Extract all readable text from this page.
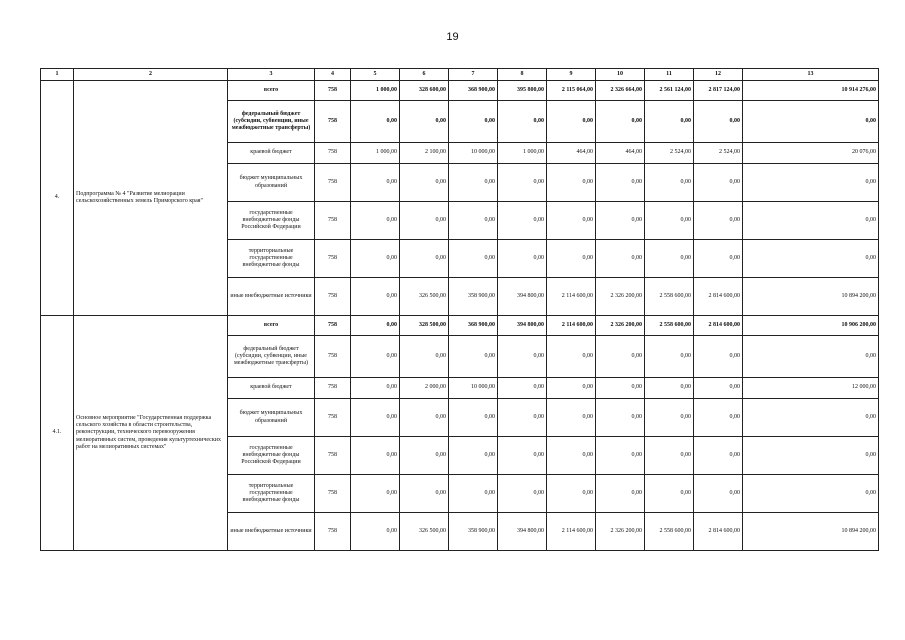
19
1	2	3	4	5	6	7	8	9	10	11	12	13
4.	Подпрограмма № 4 "Развитие мелиорации сельскохозяйственных земель Приморского края"	всего	758	1 000,00	328 600,00	368 900,00	395 800,00	2 115 064,00	2 326 664,00	2 561 124,00	2 817 124,00	10 914 276,00
		федеральный бюджет (субсидии, субвенции, иные межбюджетные трансферты)	758	0,00	0,00	0,00	0,00	0,00	0,00	0,00	0,00	0,00
		краевой бюджет	758	1 000,00	2 100,00	10 000,00	1 000,00	464,00	464,00	2 524,00	2 524,00	20 076,00
		бюджет муниципальных образований	758	0,00	0,00	0,00	0,00	0,00	0,00	0,00	0,00	0,00
		государственные внебюджетные фонды Российской Федерации	758	0,00	0,00	0,00	0,00	0,00	0,00	0,00	0,00	0,00
		территориальные государственные внебюджетные фонды	758	0,00	0,00	0,00	0,00	0,00	0,00	0,00	0,00	0,00
		иные внебюджетные источники	758	0,00	326 500,00	358 900,00	394 800,00	2 114 600,00	2 326 200,00	2 558 600,00	2 814 600,00	10 894 200,00
4.1.	Основное мероприятие "Государственная поддержка сельского хозяйства в области строительства, реконструкции, технического перевооружения мелиоративных систем, проведения культуртехнических работ на мелиоративных системах"	всего	758	0,00	328 500,00	368 900,00	394 800,00	2 114 600,00	2 326 200,00	2 558 600,00	2 814 600,00	10 906 200,00
		федеральный бюджет (субсидии, субвенции, иные межбюджетные трансферты)	758	0,00	0,00	0,00	0,00	0,00	0,00	0,00	0,00	0,00
		краевой бюджет	758	0,00	2 000,00	10 000,00	0,00	0,00	0,00	0,00	0,00	12 000,00
		бюджет муниципальных образований	758	0,00	0,00	0,00	0,00	0,00	0,00	0,00	0,00	0,00
		государственные внебюджетные фонды Российской Федерации	758	0,00	0,00	0,00	0,00	0,00	0,00	0,00	0,00	0,00
		территориальные государственные внебюджетные фонды	758	0,00	0,00	0,00	0,00	0,00	0,00	0,00	0,00	0,00
		иные внебюджетные источники	758	0,00	326 500,00	358 900,00	394 800,00	2 114 600,00	2 326 200,00	2 558 600,00	2 814 600,00	10 894 200,00
